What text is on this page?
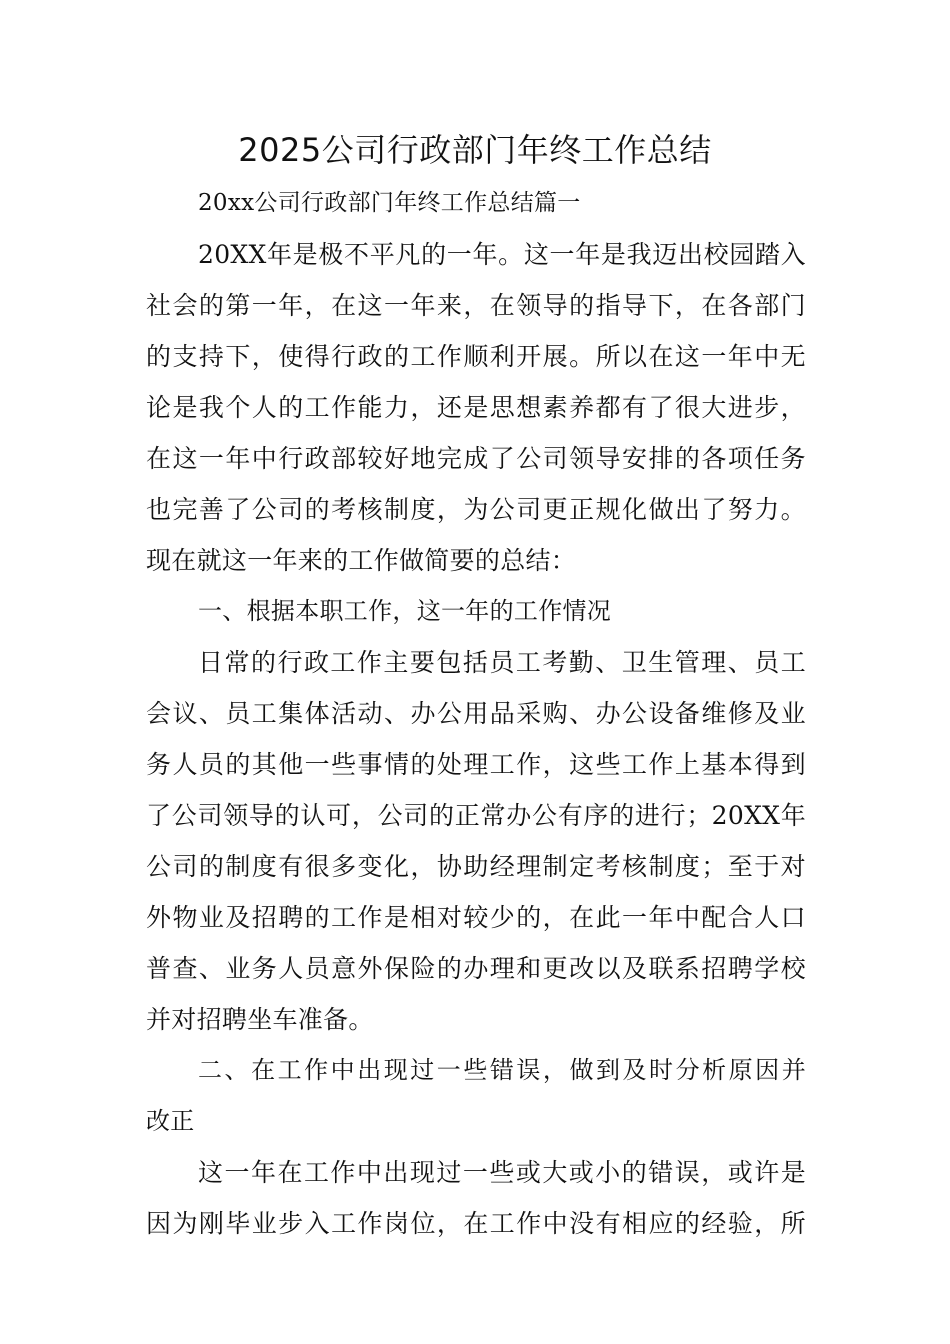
2025公司行政部门年终工作总结
20xx公司行政部门年终工作总结篇一
20XX年是极不平凡的一年。这一年是我迈出校园踏入
社会的第一年，在这一年来，在领导的指导下，在各部门
的支持下，使得行政的工作顺利开展。所以在这一年中无
论是我个人的工作能力，还是思想素养都有了很大进步，
在这一年中行政部较好地完成了公司领导安排的各项任务
也完善了公司的考核制度，为公司更正规化做出了努力。
现在就这一年来的工作做简要的总结：
一、根据本职工作，这一年的工作情况
日常的行政工作主要包括员工考勤、卫生管理、员工
会议、员工集体活动、办公用品采购、办公设备维修及业
务人员的其他一些事情的处理工作，这些工作上基本得到
了公司领导的认可，公司的正常办公有序的进行；20XX年
公司的制度有很多变化，协助经理制定考核制度；至于对
外物业及招聘的工作是相对较少的，在此一年中配合人口
普查、业务人员意外保险的办理和更改以及联系招聘学校
并对招聘坐车准备。
二、在工作中出现过一些错误，做到及时分析原因并
改正
这一年在工作中出现过一些或大或小的错误，或许是
因为刚毕业步入工作岗位，在工作中没有相应的经验，所
